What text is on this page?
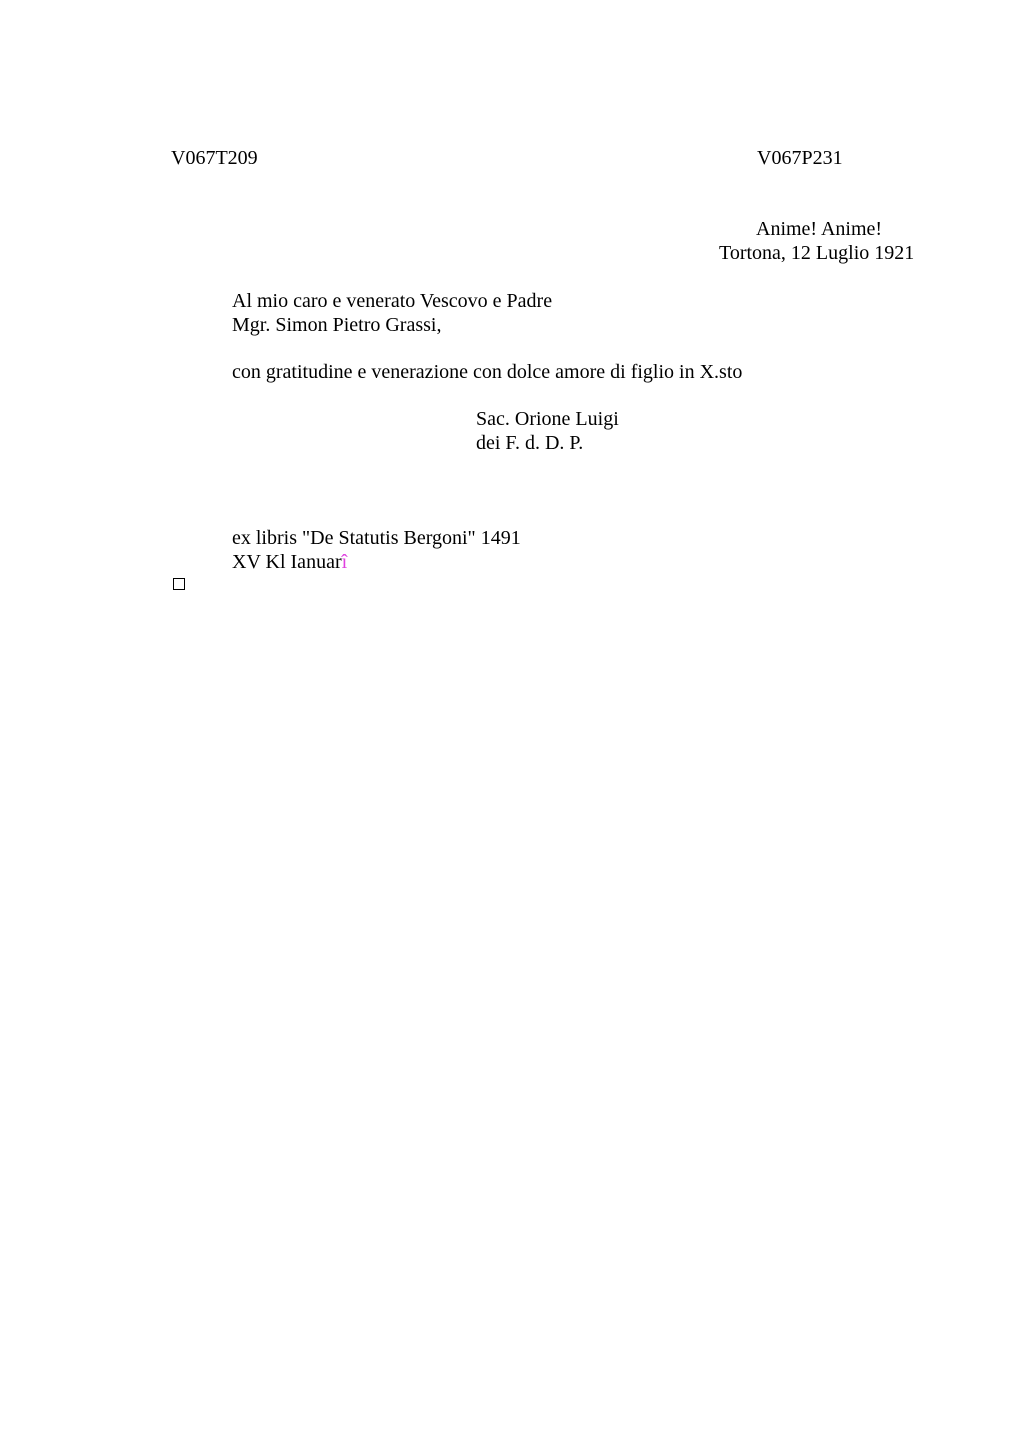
V067T209	V067P231
Anime! Anime!
Tortona, 12 Luglio 1921
Al mio caro e venerato Vescovo e Padre
Mgr. Simon Pietro Grassi,
con gratitudine e venerazione con dolce amore di figlio in X.sto
Sac. Orione Luigi
dei F. d. D. P.
ex libris "De Statutis Bergoni" 1491
XV Kl Ianuarî
